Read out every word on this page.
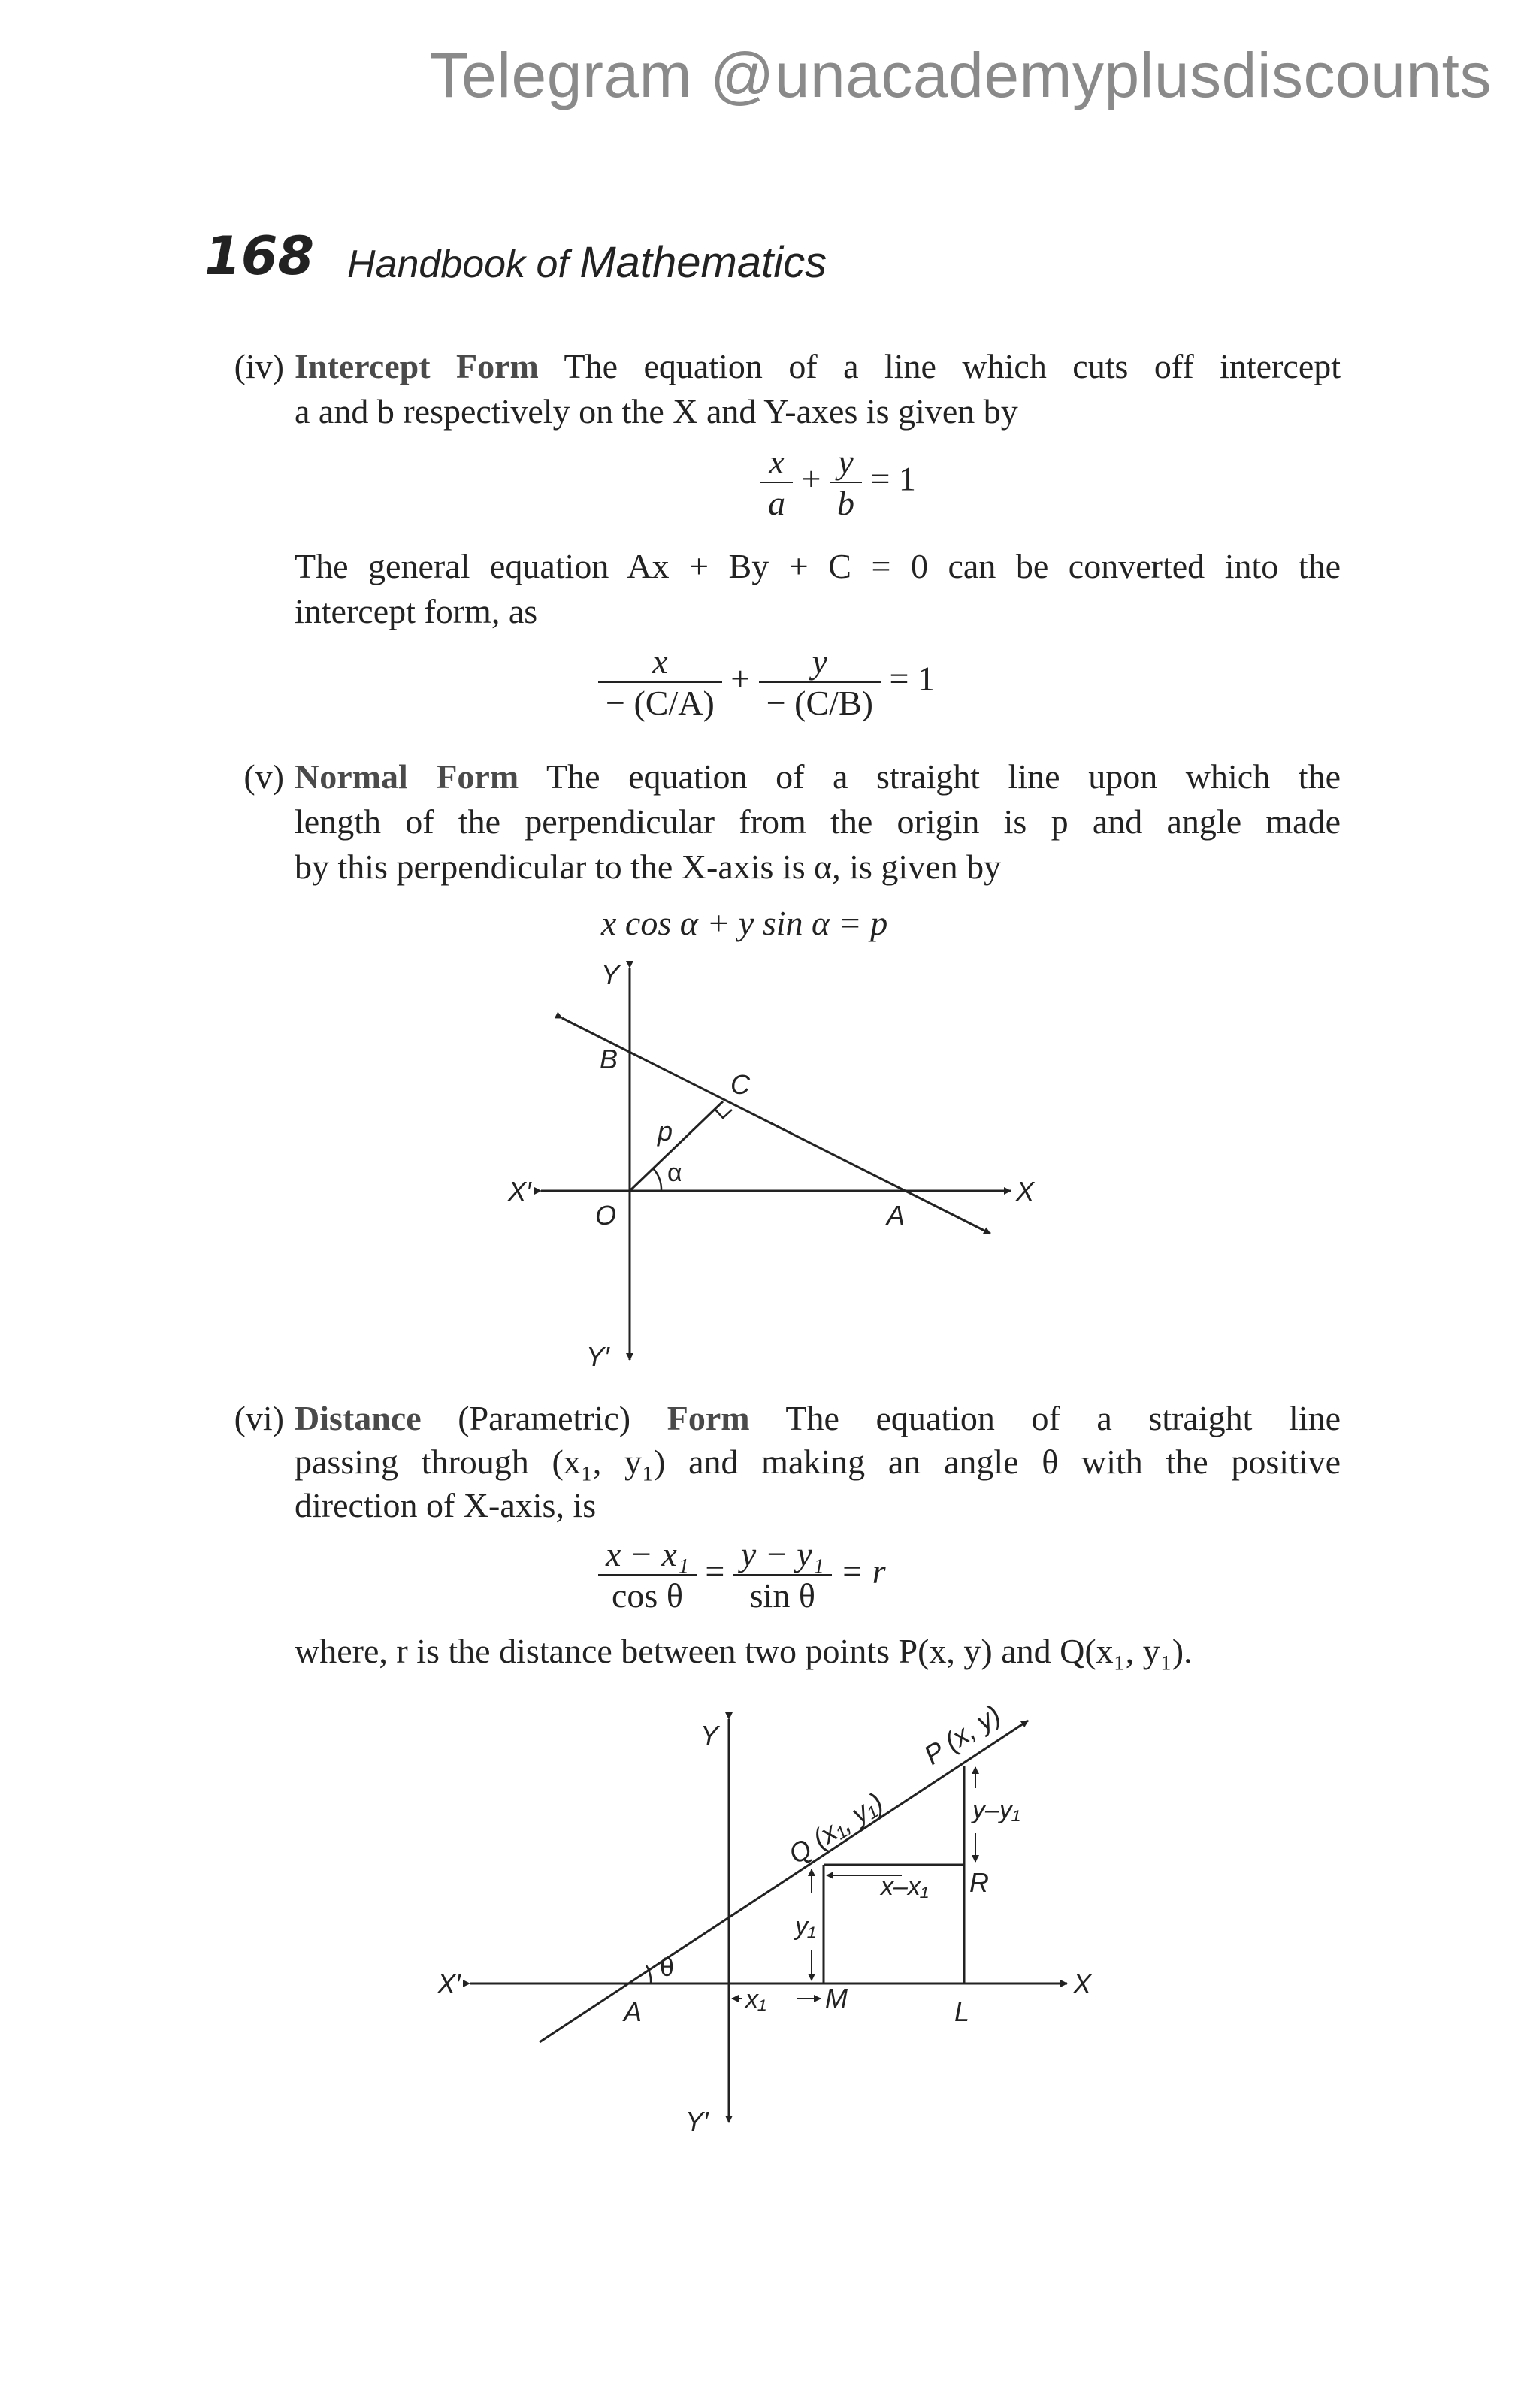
Telegram @unacademyplusdiscounts
168 Handbook of Mathematics
(iv) Intercept Form The equation of a line which cuts off intercept
a and b respectively on the X and Y-axes is given by
$\frac{x}{a} + \frac{y}{b} = 1$
The general equation Ax + By + C = 0 can be converted into the
intercept form, as
$\frac{x}{- (C/A)} + \frac{y}{- (C/B)} = 1$
(v) Normal Form The equation of a straight line upon which the
length of the perpendicular from the origin is p and angle made
by this perpendicular to the X-axis is α, is given by
x cos α + y sin α = p
Y
Y′
X
X′
O	A
B
C
p
α
(vi) Distance (Parametric) Form The equation of a straight line
passing through (x₁, y₁) and making an angle θ with the positive
direction of X-axis, is
$\frac{\text{x − x₁}}{\text{cos θ}} = \frac{\text{y − y₁}}{\text{sin θ}} = r$
where, r is the distance between two points P(x, y) and Q(x₁, y₁).
Y
Y′
X
X′
A	M	L
R
θ
x₁
y₁
x–x₁
y–y₁
P (x, y)
Q (x₁, y₁)
